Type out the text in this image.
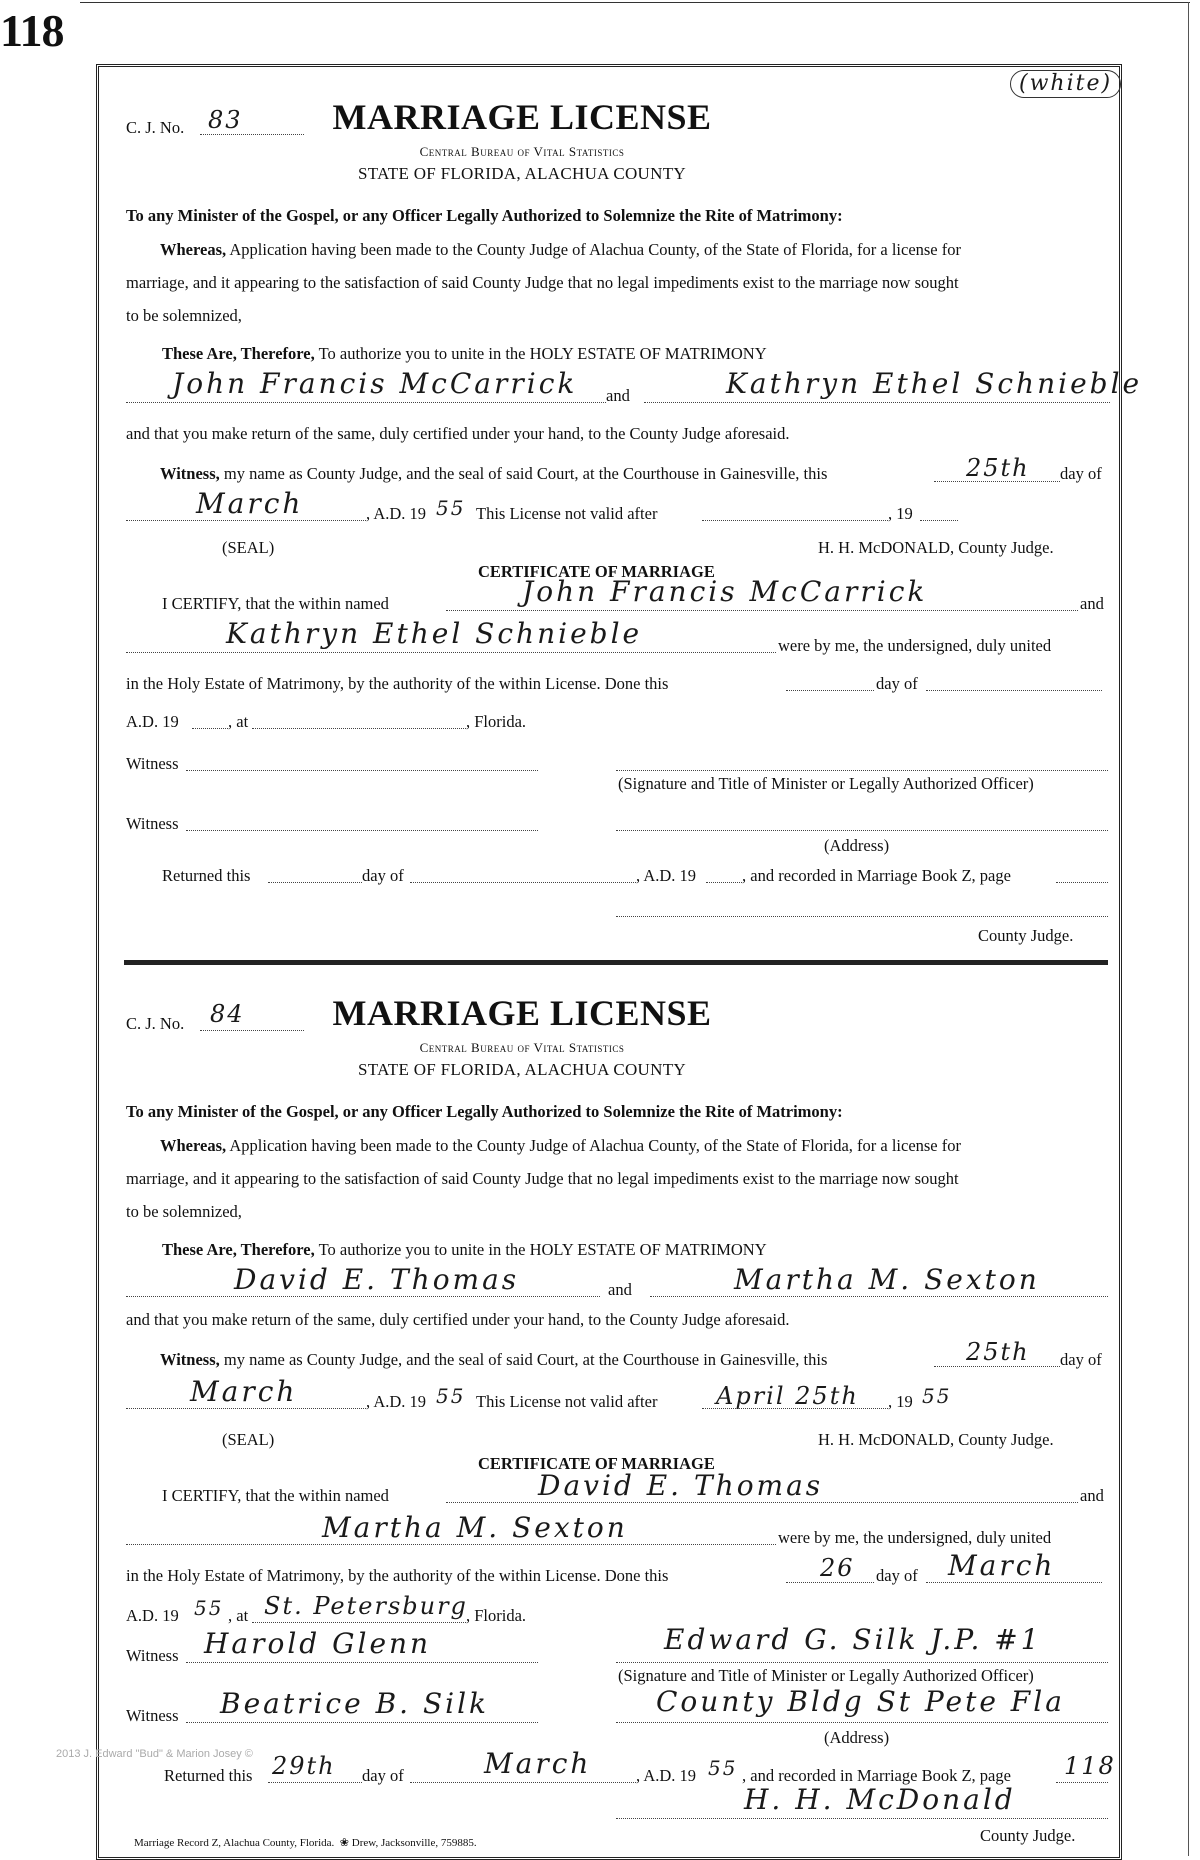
118
(white)
C. J. No. 83 MARRIAGE LICENSE
Central Bureau of Vital Statistics
STATE OF FLORIDA, ALACHUA COUNTY
To any Minister of the Gospel, or any Officer Legally Authorized to Solemnize the Rite of Matrimony:
Whereas, Application having been made to the County Judge of Alachua County, of the State of Florida, for a license for
marriage, and it appearing to the satisfaction of said County Judge that no legal impediments exist to the marriage now sought
to be solemnized,
These Are, Therefore, To authorize you to unite in the HOLY ESTATE OF MATRIMONY
John Francis McCarrick and	Kathryn Ethel Schnieble
and that you make return of the same, duly certified under your hand, to the County Judge aforesaid.
Witness, my name as County Judge, and the seal of said Court, at the Courthouse in Gainesville, this	25th day of
March	, A.D. 19 55 This License not valid after	, 19
(SEAL)	H. H. McDONALD, County Judge.
CERTIFICATE OF MARRIAGE
I CERTIFY, that the within named	John Francis McCarrick	and
Kathryn Ethel Schnieble	were by me, the undersigned, duly united
in the Holy Estate of Matrimony, by the authority of the within License. Done this	day of
A.D. 19	, at	, Florida.
Witness
(Signature and Title of Minister or Legally Authorized Officer)
Witness
(Address)
Returned this	day of	, A.D. 19	, and recorded in Marriage Book Z, page
County Judge.
C. J. No. 84 MARRIAGE LICENSE
Central Bureau of Vital Statistics
STATE OF FLORIDA, ALACHUA COUNTY
To any Minister of the Gospel, or any Officer Legally Authorized to Solemnize the Rite of Matrimony:
Whereas, Application having been made to the County Judge of Alachua County, of the State of Florida, for a license for
marriage, and it appearing to the satisfaction of said County Judge that no legal impediments exist to the marriage now sought
to be solemnized,
These Are, Therefore, To authorize you to unite in the HOLY ESTATE OF MATRIMONY
David E. Thomas	and	Martha M. Sexton
and that you make return of the same, duly certified under your hand, to the County Judge aforesaid.
Witness, my name as County Judge, and the seal of said Court, at the Courthouse in Gainesville, this	25th day of
March	, A.D. 19 55 This License not valid after April 25th , 19 55
(SEAL)	H. H. McDONALD, County Judge.
CERTIFICATE OF MARRIAGE
I CERTIFY, that the within named	David E. Thomas	and
Martha M. Sexton	were by me, the undersigned, duly united
in the Holy Estate of Matrimony, by the authority of the within License. Done this	26 day of March
A.D. 19 55 , at St. Petersburg
, Florida.
Witness Harold Glenn	Edward G. Silk J.P. #1
(Signature and Title of Minister or Legally Authorized Officer)
Witness Beatrice B. Silk	County Bldg St Pete Fla
(Address)
2013 J. Edward "Bud" & Marion Josey ©
Returned this 29th day of	March	, A.D. 19 55 , and recorded in Marriage Book Z, page 118
H. H. McDonald
County Judge.
Marriage Record Z, Alachua County, Florida.  ❀ Drew, Jacksonville, 759885.
